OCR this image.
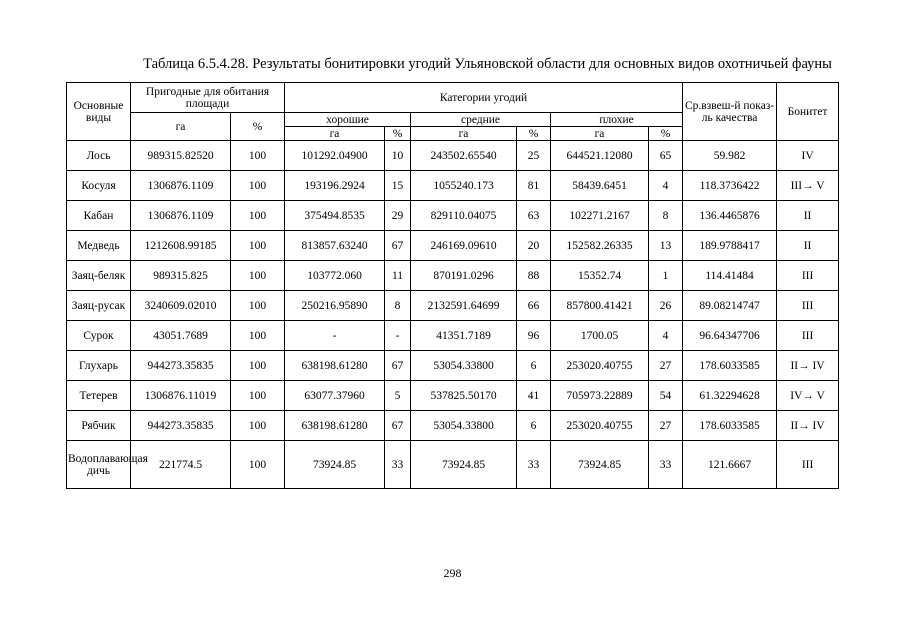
Таблица 6.5.4.28. Результаты бонитировки угодий Ульяновской области для основных видов охотничьей фауны
Основные виды	Пригодные для обитания площади		Категории угодий						Ср.взвеш-й показ-ль качества	Бонитет
	га	%	хорошие		средние		плохие			
			га	%	га	%	га	%		
Лось	989315.82520	100	101292.04900	10	243502.65540	25	644521.12080	65	59.982	IV
Косуля	1306876.1109	100	193196.2924	15	1055240.173	81	58439.6451	4	118.3736422	III→ V
Кабан	1306876.1109	100	375494.8535	29	829110.04075	63	102271.2167	8	136.4465876	II
Медведь	1212608.99185	100	813857.63240	67	246169.09610	20	152582.26335	13	189.9788417	II
Заяц-беляк	989315.825	100	103772.060	11	870191.0296	88	15352.74	1	114.41484	III
Заяц-русак	3240609.02010	100	250216.95890	8	2132591.64699	66	857800.41421	26	89.08214747	III
Сурок	43051.7689	100	-	-	41351.7189	96	1700.05	4	96.64347706	III
Глухарь	944273.35835	100	638198.61280	67	53054.33800	6	253020.40755	27	178.6033585	II→ IV
Тетерев	1306876.11019	100	63077.37960	5	537825.50170	41	705973.22889	54	61.32294628	IV→ V
Рябчик	944273.35835	100	638198.61280	67	53054.33800	6	253020.40755	27	178.6033585	II→ IV
Водоплавающая дичь	221774.5	100	73924.85	33	73924.85	33	73924.85	33	121.6667	III
298
